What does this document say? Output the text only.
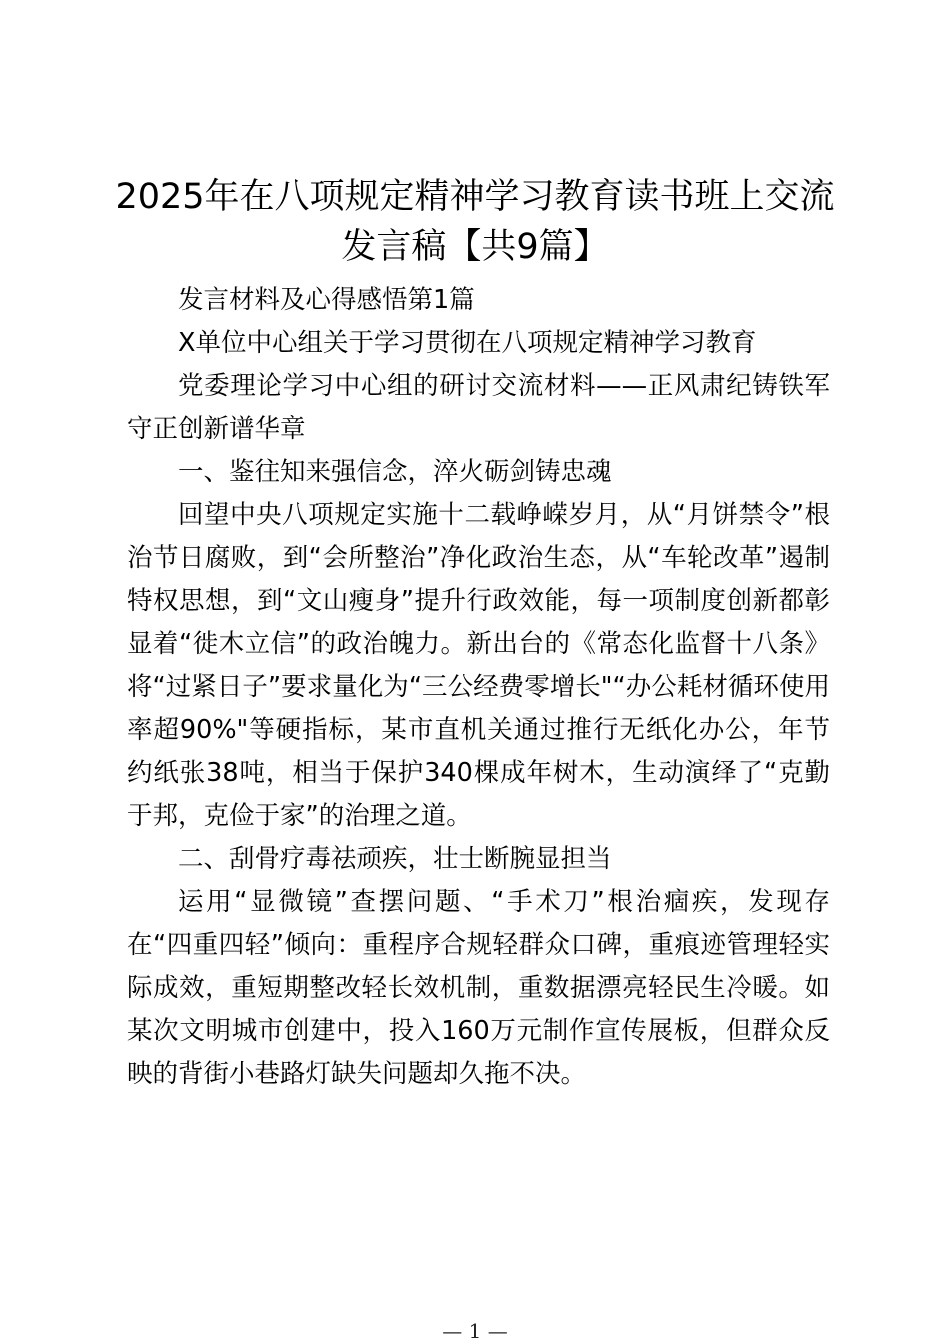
2025年在八项规定精神学习教育读书班上交流发言稿【共9篇】

发言材料及心得感悟第1篇

X单位中心组关于学习贯彻在八项规定精神学习教育

党委理论学习中心组的研讨交流材料——正风肃纪铸铁军守正创新谱华章

一、鉴往知来强信念，淬火砺剑铸忠魂

回望中央八项规定实施十二载峥嵘岁月，从“月饼禁令”根治节日腐败，到“会所整治”净化政治生态，从“车轮改革”遏制特权思想，到“文山瘦身”提升行政效能，每一项制度创新都彰显着“徙木立信”的政治魄力。新出台的《常态化监督十八条》将“过紧日子”要求量化为“三公经费零增长"“办公耗材循环使用率超90%"等硬指标，某市直机关通过推行无纸化办公，年节约纸张38吨，相当于保护340棵成年树木，生动演绎了“克勤于邦，克俭于家”的治理之道。

二、刮骨疗毒祛顽疾，壮士断腕显担当

运用“显微镜”查摆问题、“手术刀”根治痼疾，发现存在“四重四轻”倾向：重程序合规轻群众口碑，重痕迹管理轻实际成效，重短期整改轻长效机制，重数据漂亮轻民生冷暖。如某次文明城市创建中，投入160万元制作宣传展板，但群众反映的背街小巷路灯缺失问题却久拖不决。

— 1 —
